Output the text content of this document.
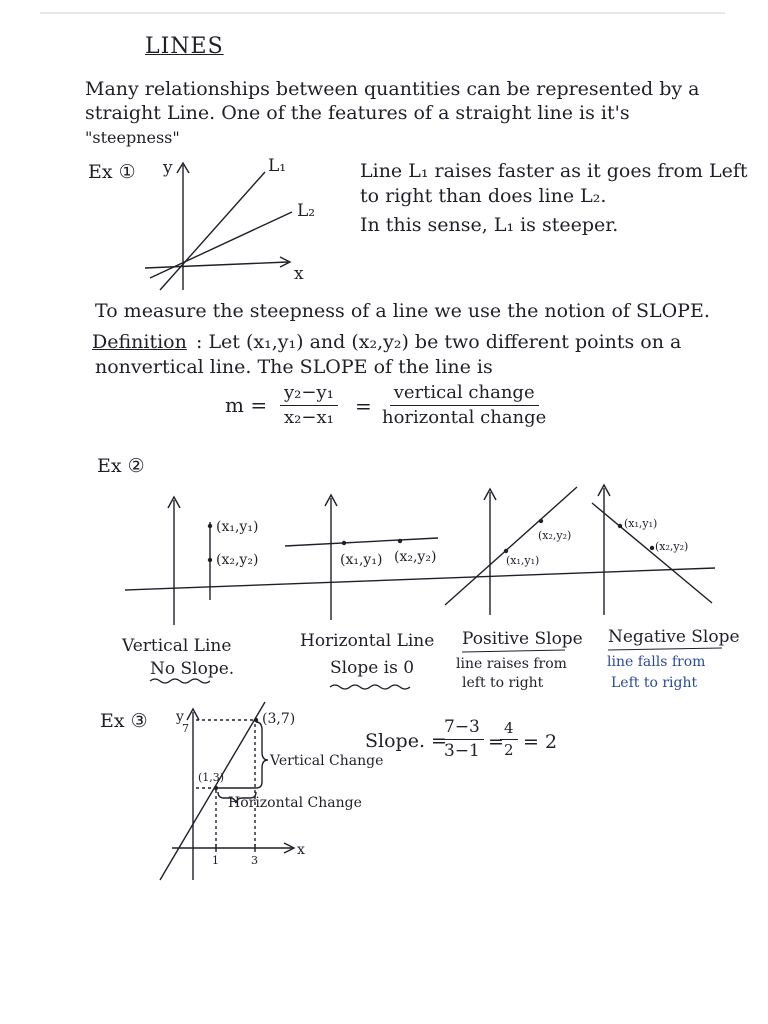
LINES
Many relationships between quantities can be represented by a
straight Line. One of the features of a straight line is it's
"steepness"
Ex ① y	L₁
L₂
x
Line L₁ raises faster as it goes from Left
to right than does line L₂.
In this sense, L₁ is steeper.
To measure the steepness of a line we use the notion of SLOPE.
Definition : Let (x₁,y₁) and (x₂,y₂) be two different points on a
nonvertical line. The SLOPE of the line is
$m = \frac{\text{y₂−y₁}}{\text{x₂−x₁}}$ =
vertical change
horizontal change
Ex ②
(x₁,y₁)
(x₂,y₂)	(x₁,y₁) (x₂,y₂)	(x₁,y₁)
(x₂,y₂)
(x₁,y₁)
(x₂,y₂)
Vertical Line
No Slope.
Horizontal Line
Slope is 0
Positive Slope
line raises from
left to right
Negative Slope
line falls from
Left to right
Ex ③ y
7
(3,7)
(1,3)
Vertical Change
Horizontal Change
1	3
x
Slope. =
$\frac{7-3}{3-1}$ =
$\frac{4}{2} = 2$
